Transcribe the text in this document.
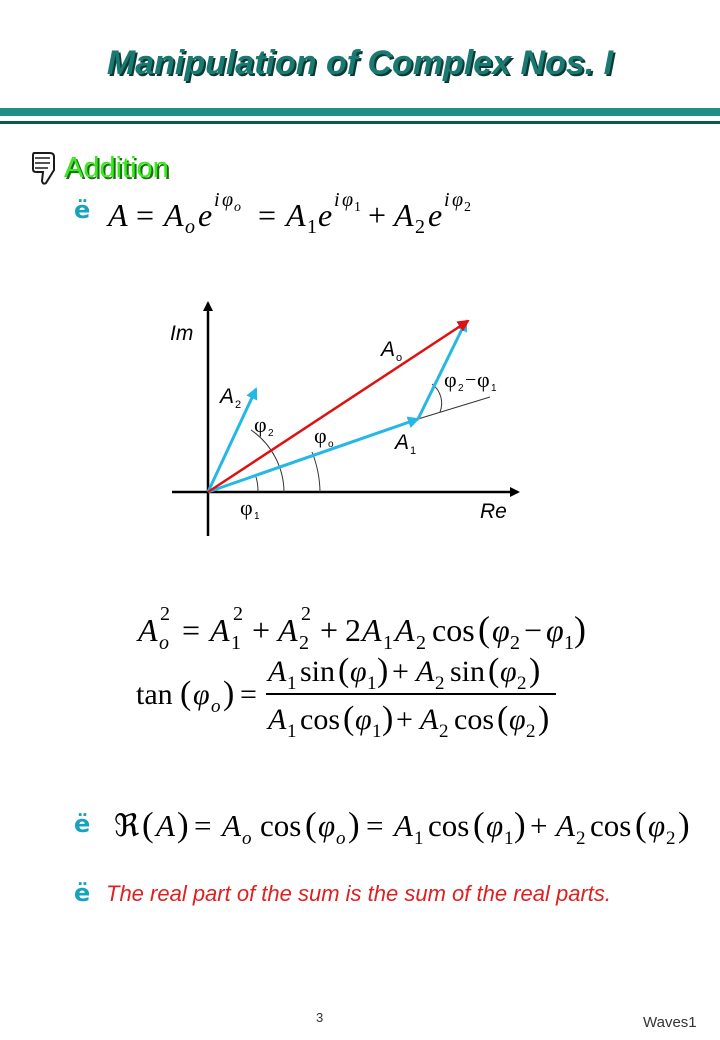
Manipulation of Complex Nos. I
Addition
ë
ë
ë
A = A o e i φ o = A 1 e i φ 1 + A 2 e i φ 2
Im
Re
A o
A 2
A 1
φ 2 φ o
φ 1
φ 2 − φ 1
A o
2 = A 1
2 + A 2
2 + 2 A 1 A 2 cos ( φ 2 − φ 1 )
tan ( φ o ) =
A 1 sin ( φ 1 ) + A 2 sin ( φ 2 )
A 1 cos ( φ 1 ) + A 2 cos ( φ 2 )
ℜ ( A ) = A o cos ( φ o ) = A 1 cos ( φ 1 ) + A 2 cos ( φ 2 )
The real part of the sum is the sum of the real parts.
3	Waves1
